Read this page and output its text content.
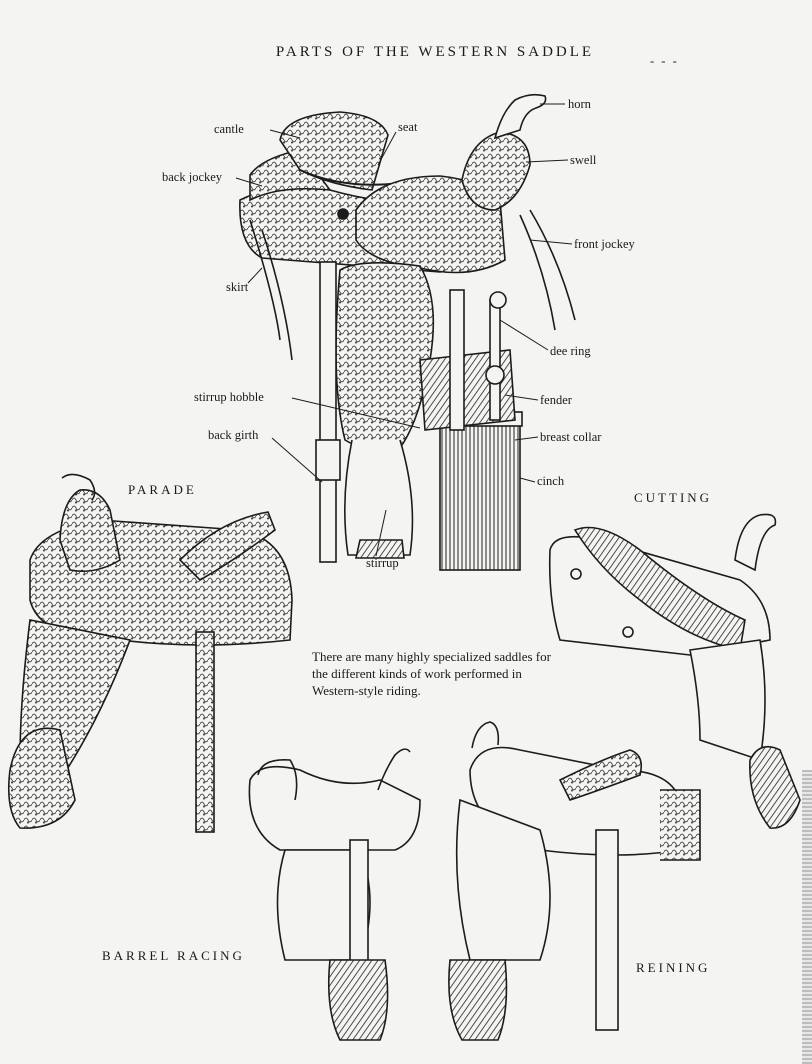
PARTS OF THE WESTERN SADDLE
- - -
horn
cantle	seat
swell
back jockey
front jockey
skirt
dee ring
stirrup hobble	fender
back girth	breast collar
cinch
stirrup
PARADE
CUTTING
BARREL RACING
REINING
There are many highly specialized saddles for the different kinds of work performed in Western-style riding.
